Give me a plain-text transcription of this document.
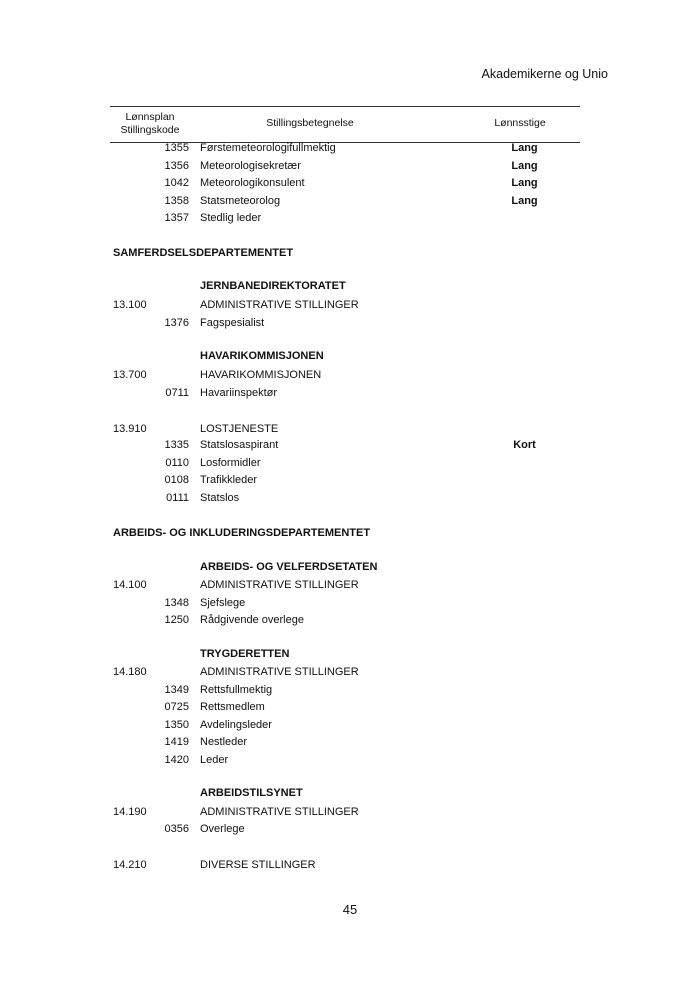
Akademikerne og Unio
Lønnsplan
Stillingskode
Stillingsbetegnelse	Lønnsstige
1355 Førstemeteorologifullmektig	Lang
1356 Meteorologisekretær	Lang
1042 Meteorologikonsulent	Lang
1358 Statsmeteorolog	Lang
1357 Stedlig leder
SAMFERDSELSDEPARTEMENTET
JERNBANEDIREKTORATET
13.100	ADMINISTRATIVE STILLINGER
1376 Fagspesialist
HAVARIKOMMISJONEN
13.700	HAVARIKOMMISJONEN
0711 Havariinspektør
13.910	LOSTJENESTE
1335 Statslosaspirant	Kort
0110 Losformidler
0108 Trafikkleder
0111 Statslos
ARBEIDS- OG INKLUDERINGSDEPARTEMENTET
ARBEIDS- OG VELFERDSETATEN
14.100	ADMINISTRATIVE STILLINGER
1348 Sjefslege
1250 Rådgivende overlege
TRYGDERETTEN
14.180	ADMINISTRATIVE STILLINGER
1349 Rettsfullmektig
0725 Rettsmedlem
1350 Avdelingsleder
1419 Nestleder
1420 Leder
ARBEIDSTILSYNET
14.190	ADMINISTRATIVE STILLINGER
0356 Overlege
14.210	DIVERSE STILLINGER
45
